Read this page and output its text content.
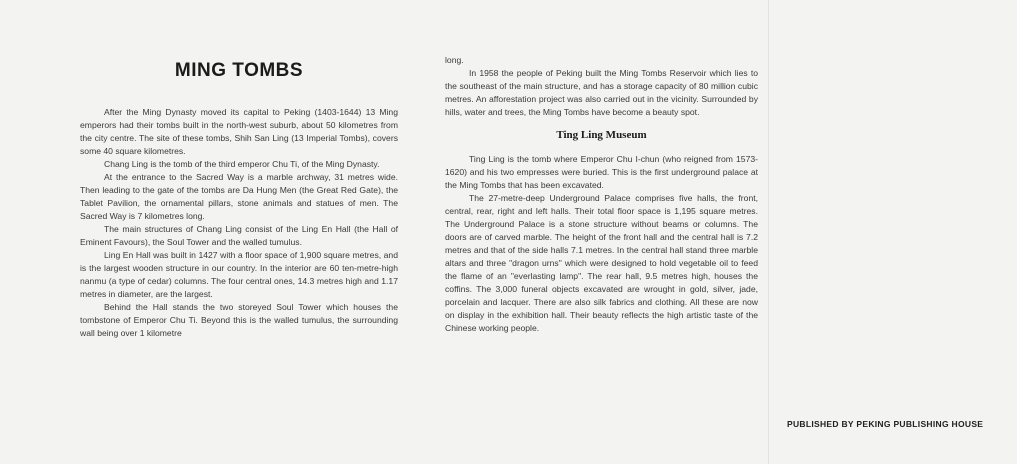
MING TOMBS

After the Ming Dynasty moved its capital to Peking (1403-1644) 13 Ming emperors had their tombs built in the north-west suburb, about 50 kilometres from the city centre. The site of these tombs, Shih San Ling (13 Imperial Tombs), covers some 40 square kilometres.

Chang Ling is the tomb of the third emperor Chu Ti, of the Ming Dynasty.

At the entrance to the Sacred Way is a marble archway, 31 metres wide. Then leading to the gate of the tombs are Da Hung Men (the Great Red Gate), the Tablet Pavilion, the ornamental pillars, stone animals and statues of men. The Sacred Way is 7 kilometres long.

The main structures of Chang Ling consist of the Ling En Hall (the Hall of Eminent Favours), the Soul Tower and the walled tumulus.

Ling En Hall was built in 1427 with a floor space of 1,900 square metres, and is the largest wooden structure in our country. In the interior are 60 ten-metre-high nanmu (a type of cedar) columns. The four central ones, 14.3 metres high and 1.17 metres in diameter, are the largest.

Behind the Hall stands the two storeyed Soul Tower which houses the tombstone of Emperor Chu Ti. Beyond this is the walled tumulus, the surrounding wall being over 1 kilometre

long.

In 1958 the people of Peking built the Ming Tombs Reservoir which lies to the southeast of the main structure, and has a storage capacity of 80 million cubic metres. An afforestation project was also carried out in the vicinity. Surrounded by hills, water and trees, the Ming Tombs have become a beauty spot.

Ting Ling Museum

Ting Ling is the tomb where Emperor Chu I-chun (who reigned from 1573-1620) and his two empresses were buried. This is the first underground palace at the Ming Tombs that has been excavated.

The 27-metre-deep Underground Palace comprises five halls, the front, central, rear, right and left halls. Their total floor space is 1,195 square metres. The Underground Palace is a stone structure without beams or columns. The doors are of carved marble. The height of the front hall and the central hall is 7.2 metres and that of the side halls 7.1 metres. In the central hall stand three marble altars and three "dragon urns" which were designed to hold vegetable oil to feed the flame of an "everlasting lamp". The rear hall, 9.5 metres high, houses the coffins. The 3,000 funeral objects excavated are wrought in gold, silver, jade, porcelain and lacquer. There are also silk fabrics and clothing. All these are now on display in the exhibition hall. Their beauty reflects the high artistic taste of the Chinese working people.

PUBLISHED BY PEKING PUBLISHING HOUSE
